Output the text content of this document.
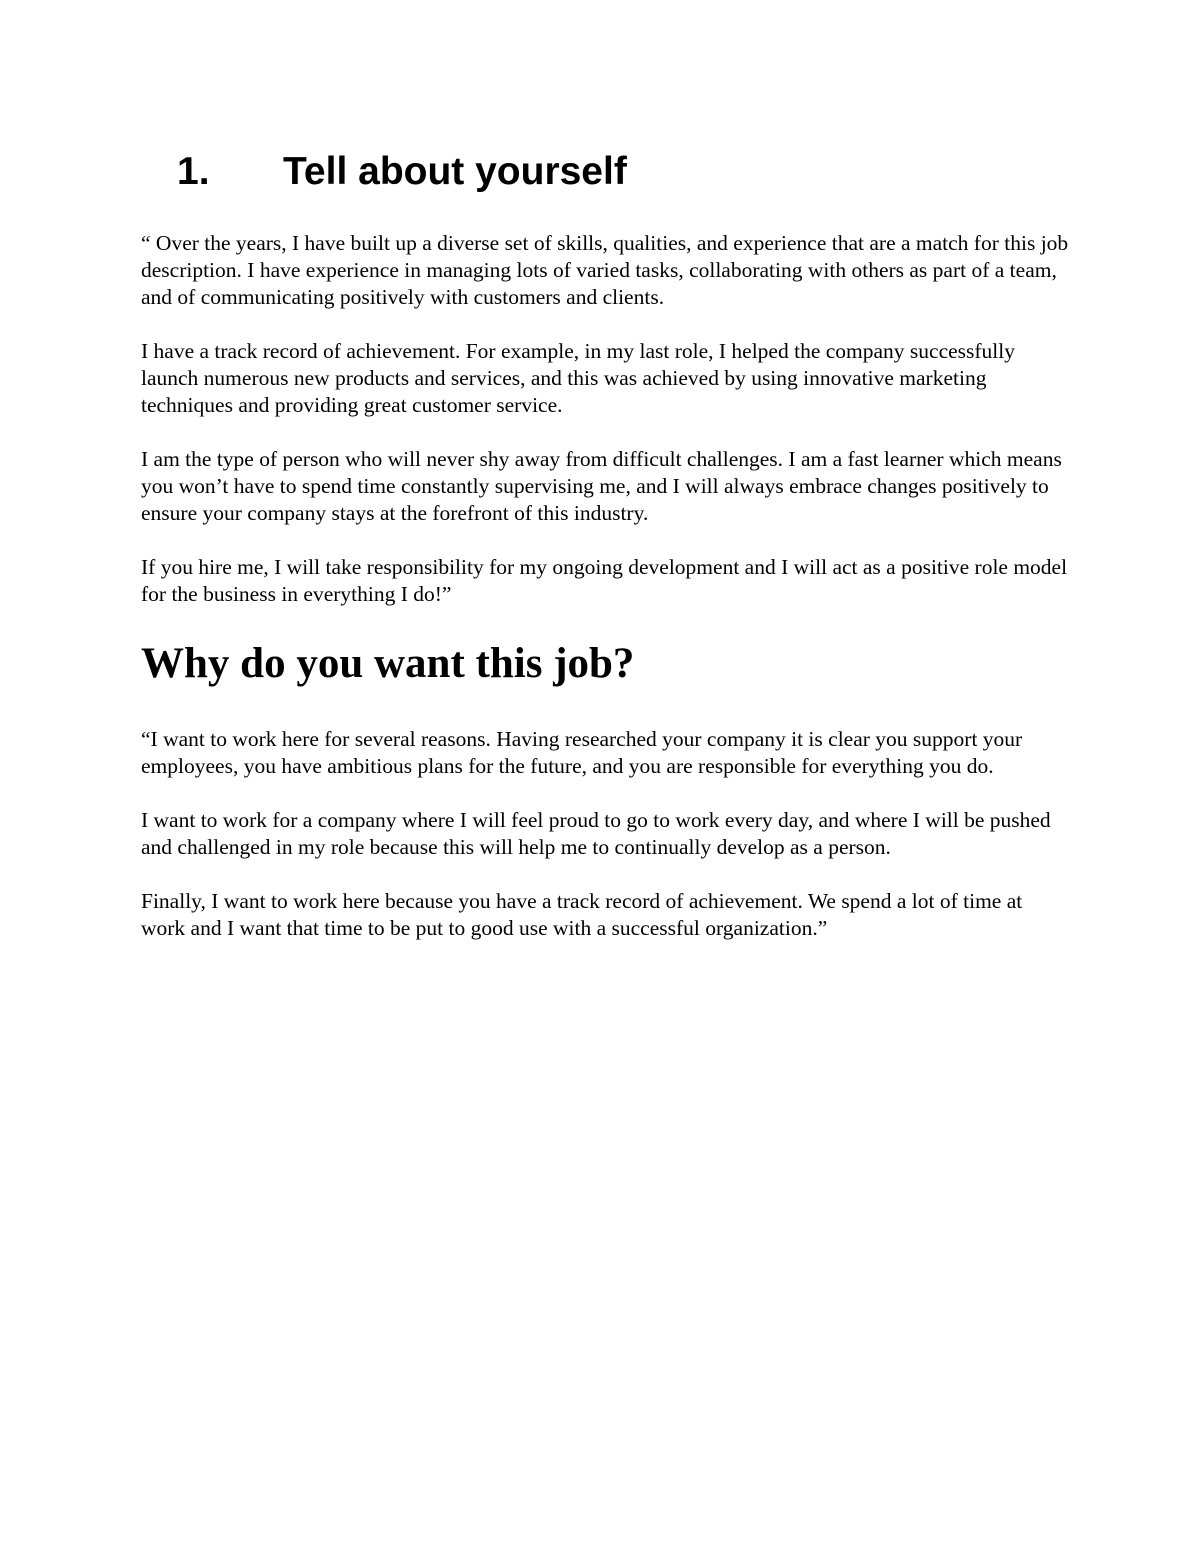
1.	Tell about yourself

“ Over the years, I have built up a diverse set of skills, qualities, and experience that are a match for this job description. I have experience in managing lots of varied tasks, collaborating with others as part of a team, and of communicating positively with customers and clients.

I have a track record of achievement. For example, in my last role, I helped the company successfully launch numerous new products and services, and this was achieved by using innovative marketing techniques and providing great customer service.

I am the type of person who will never shy away from difficult challenges. I am a fast learner which means you won’t have to spend time constantly supervising me, and I will always embrace changes positively to ensure your company stays at the forefront of this industry.

If you hire me, I will take responsibility for my ongoing development and I will act as a positive role model for the business in everything I do!”

Why do you want this job?

“I want to work here for several reasons. Having researched your company it is clear you support your employees, you have ambitious plans for the future, and you are responsible for everything you do.

I want to work for a company where I will feel proud to go to work every day, and where I will be pushed and challenged in my role because this will help me to continually develop as a person.

Finally, I want to work here because you have a track record of achievement. We spend a lot of time at work and I want that time to be put to good use with a successful organization.”
